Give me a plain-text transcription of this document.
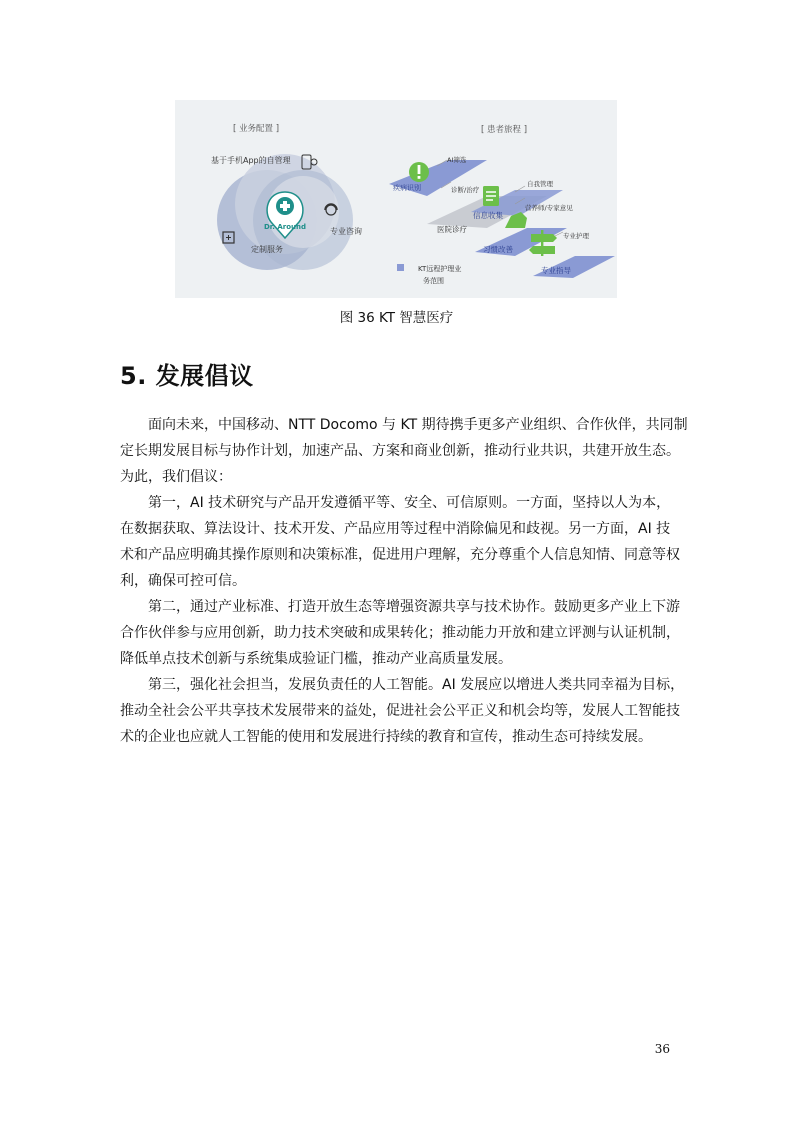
[ 业务配置 ]
Dr. Around
基于手机App的自管理
专业咨询
定制服务
[ 患者旅程 ]
AI筛选
诊断/治疗
自我管理
营养师/专家意见
医院诊疗
专业护理
疾病识别
信息收集
习惯改善
专业指导
KT远程护理业
务范围
图 36 KT 智慧医疗
5. 发展倡议

面向未来，中国移动、NTT Docomo 与 KT 期待携手更多产业组织、合作伙伴，共同制
定长期发展目标与协作计划，加速产品、方案和商业创新，推动行业共识，共建开放生态。
为此，我们倡议：

第一，AI 技术研究与产品开发遵循平等、安全、可信原则。一方面，坚持以人为本，
在数据获取、算法设计、技术开发、产品应用等过程中消除偏见和歧视。另一方面，AI 技
术和产品应明确其操作原则和决策标准，促进用户理解，充分尊重个人信息知情、同意等权
利，确保可控可信。

第二，通过产业标准、打造开放生态等增强资源共享与技术协作。鼓励更多产业上下游
合作伙伴参与应用创新，助力技术突破和成果转化；推动能力开放和建立评测与认证机制，
降低单点技术创新与系统集成验证门槛，推动产业高质量发展。

第三，强化社会担当，发展负责任的人工智能。AI 发展应以增进人类共同幸福为目标，
推动全社会公平共享技术发展带来的益处，促进社会公平正义和机会均等，发展人工智能技
术的企业也应就人工智能的使用和发展进行持续的教育和宣传，推动生态可持续发展。

36
